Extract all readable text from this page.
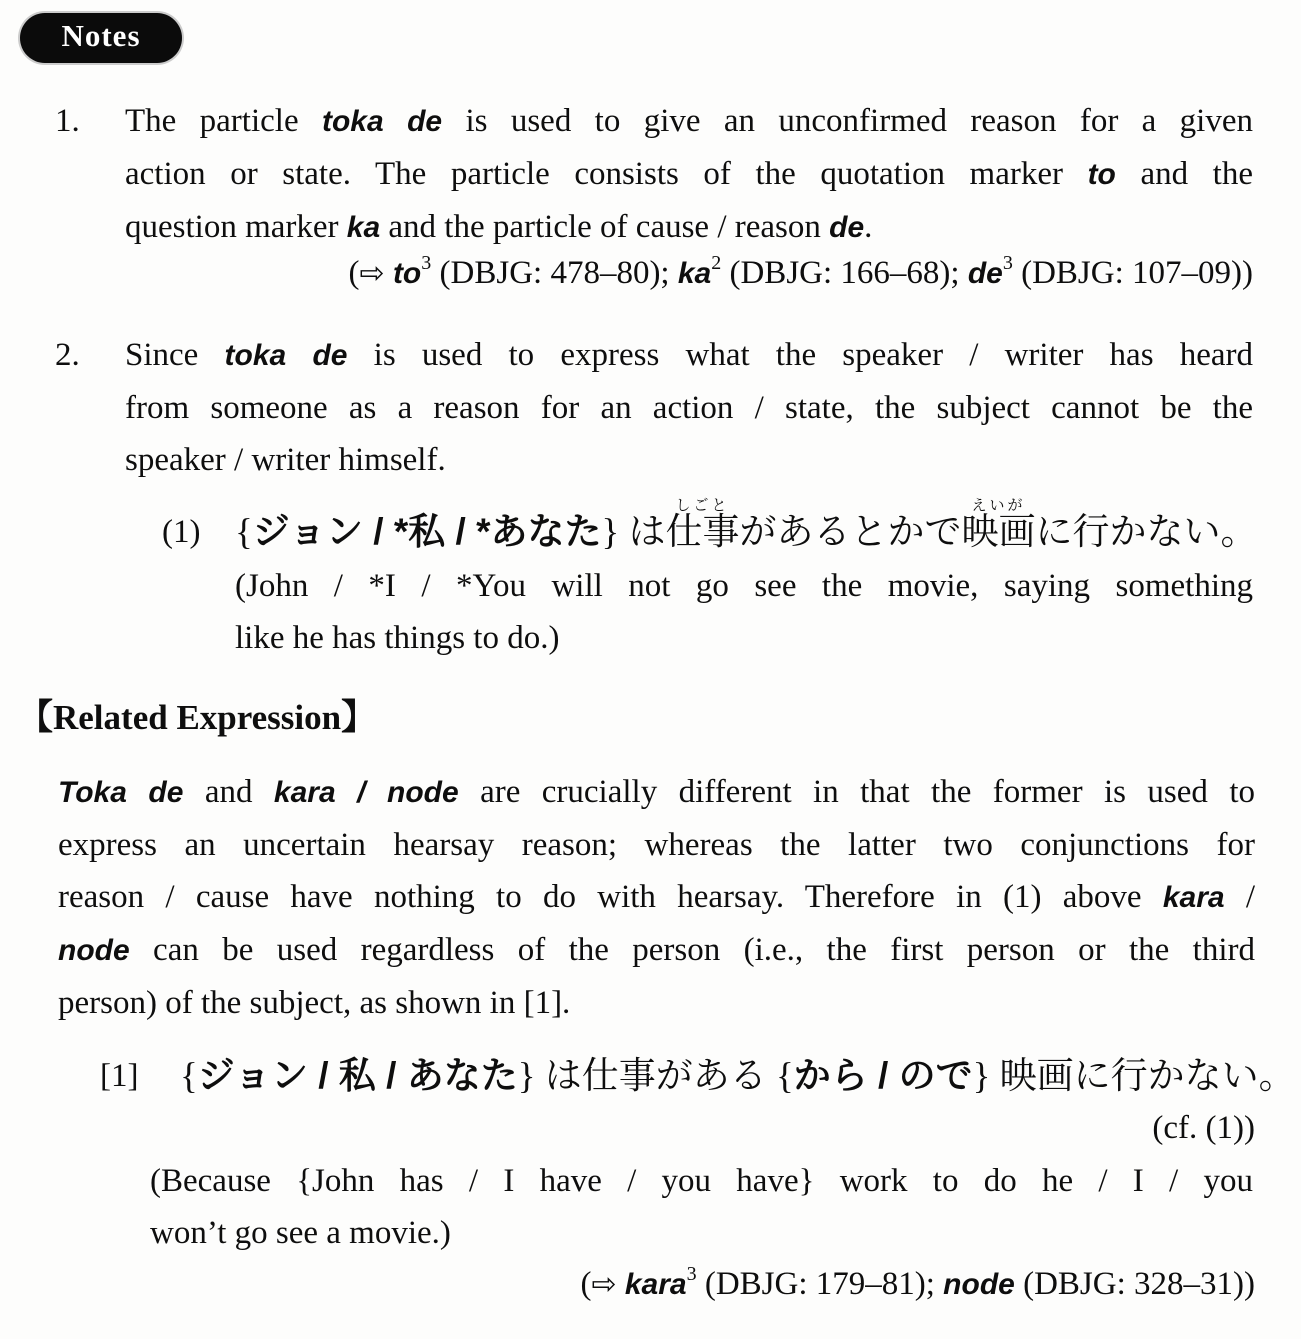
Notes
1.	The particle toka de is used to give an unconfirmed reason for a given
action or state. The particle consists of the quotation marker to and the
question marker ka and the particle of cause / reason de.
(⇨ $to^3$ (DBJG: 478–80); $ka^2$ (DBJG: 166–68); $de^3$ (DBJG: 107–09))
2.	Since toka de is used to express what the speaker / writer has heard
from someone as a reason for an action / state, the subject cannot be the
speaker / writer himself.
(1) {ジョン / *私 / *あなた} は仕事しごとがあるとかで映画えいがに行かない。
(John / *I / *You will not go see the movie, saying something
like he has things to do.)
【Related Expression】
Toka de and kara / node are crucially different in that the former is used to
express an uncertain hearsay reason; whereas the latter two conjunctions for
reason / cause have nothing to do with hearsay. Therefore in (1) above kara /
node can be used regardless of the person (i.e., the first person or the third
person) of the subject, as shown in [1].
[1] {ジョン / 私 / あなた} は仕事がある {から / ので} 映画に行かない。
(cf. (1))
(Because {John has / I have / you have} work to do he / I / you
won’t go see a movie.)
(⇨ kara$^3$ (DBJG: 179–81); node (DBJG: 328–31))
